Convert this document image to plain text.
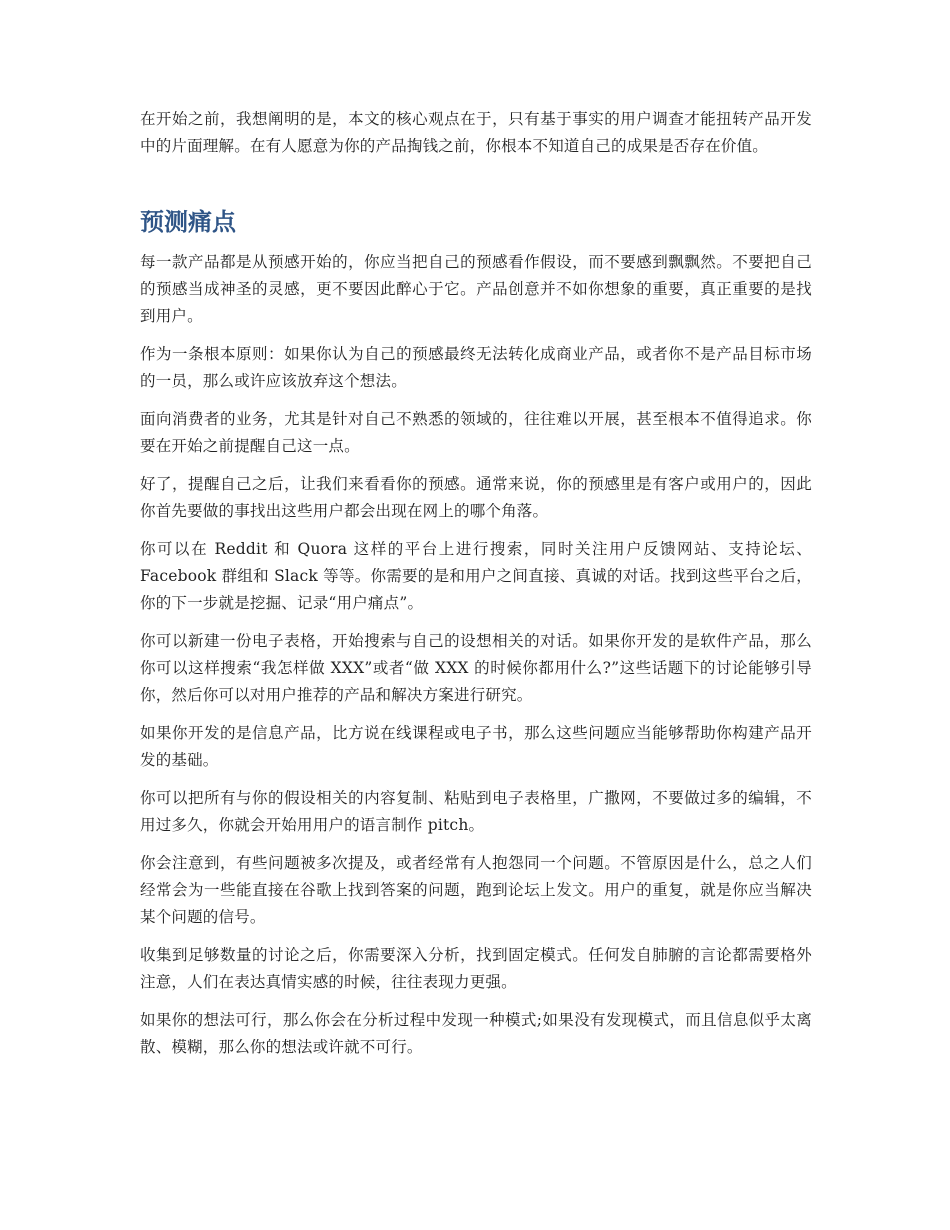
在开始之前，我想阐明的是，本文的核心观点在于，只有基于事实的用户调查才能扭转产品开发中的片面理解。在有人愿意为你的产品掏钱之前，你根本不知道自己的成果是否存在价值。

预测痛点

每一款产品都是从预感开始的，你应当把自己的预感看作假设，而不要感到飘飘然。不要把自己的预感当成神圣的灵感，更不要因此醉心于它。产品创意并不如你想象的重要，真正重要的是找到用户。

作为一条根本原则：如果你认为自己的预感最终无法转化成商业产品，或者你不是产品目标市场的一员，那么或许应该放弃这个想法。

面向消费者的业务，尤其是针对自己不熟悉的领域的，往往难以开展，甚至根本不值得追求。你要在开始之前提醒自己这一点。

好了，提醒自己之后，让我们来看看你的预感。通常来说，你的预感里是有客户或用户的，因此你首先要做的事找出这些用户都会出现在网上的哪个角落。

你可以在 Reddit 和 Quora 这样的平台上进行搜索，同时关注用户反馈网站、支持论坛、Facebook 群组和 Slack 等等。你需要的是和用户之间直接、真诚的对话。找到这些平台之后，你的下一步就是挖掘、记录“用户痛点”。

你可以新建一份电子表格，开始搜索与自己的设想相关的对话。如果你开发的是软件产品，那么你可以这样搜索“我怎样做 XXX”或者“做 XXX 的时候你都用什么?”这些话题下的讨论能够引导你，然后你可以对用户推荐的产品和解决方案进行研究。

如果你开发的是信息产品，比方说在线课程或电子书，那么这些问题应当能够帮助你构建产品开发的基础。

你可以把所有与你的假设相关的内容复制、粘贴到电子表格里，广撒网，不要做过多的编辑，不用过多久，你就会开始用用户的语言制作 pitch。

你会注意到，有些问题被多次提及，或者经常有人抱怨同一个问题。不管原因是什么，总之人们经常会为一些能直接在谷歌上找到答案的问题，跑到论坛上发文。用户的重复，就是你应当解决某个问题的信号。

收集到足够数量的讨论之后，你需要深入分析，找到固定模式。任何发自肺腑的言论都需要格外注意，人们在表达真情实感的时候，往往表现力更强。

如果你的想法可行，那么你会在分析过程中发现一种模式;如果没有发现模式，而且信息似乎太离散、模糊，那么你的想法或许就不可行。
